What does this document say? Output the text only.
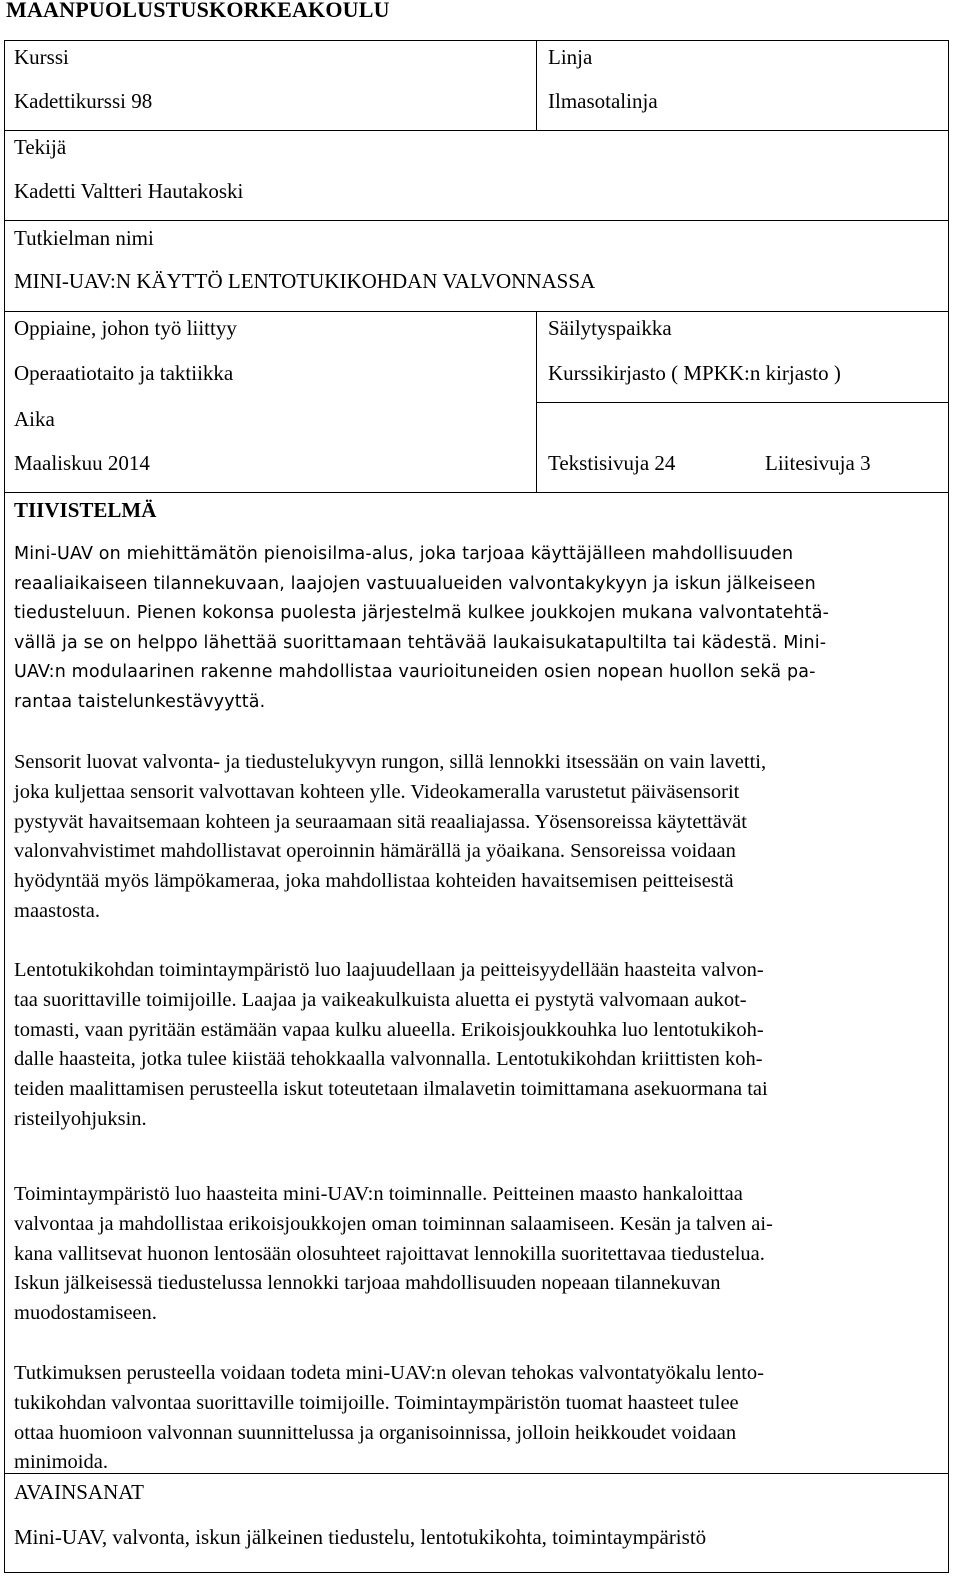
MAANPUOLUSTUSKORKEAKOULU
Kurssi
Kadettikurssi 98
Linja
Ilmasotalinja
Tekijä
Kadetti Valtteri Hautakoski
Tutkielman nimi
MINI-UAV:N KÄYTTÖ LENTOTUKIKOHDAN VALVONNASSA
Oppiaine, johon työ liittyy
Operaatiotaito ja taktiikka
Säilytyspaikka
Kurssikirjasto ( MPKK:n kirjasto )
Aika
Maaliskuu 2014	Tekstisivuja 24	Liitesivuja 3
TIIVISTELMÄ
Mini-UAV on miehittämätön pienoisilma-alus, joka tarjoaa käyttäjälleen mahdollisuuden
reaaliaikaiseen tilannekuvaan, laajojen vastuualueiden valvontakykyyn ja iskun jälkeiseen
tiedusteluun. Pienen kokonsa puolesta järjestelmä kulkee joukkojen mukana valvontatehtä-
vällä ja se on helppo lähettää suorittamaan tehtävää laukaisukatapultilta tai kädestä. Mini-
UAV:n modulaarinen rakenne mahdollistaa vaurioituneiden osien nopean huollon sekä pa-
rantaa taistelunkestävyyttä.
Sensorit luovat valvonta- ja tiedustelukyvyn rungon, sillä lennokki itsessään on vain lavetti,
joka kuljettaa sensorit valvottavan kohteen ylle. Videokameralla varustetut päiväsensorit
pystyvät havaitsemaan kohteen ja seuraamaan sitä reaaliajassa. Yösensoreissa käytettävät
valonvahvistimet mahdollistavat operoinnin hämärällä ja yöaikana. Sensoreissa voidaan
hyödyntää myös lämpökameraa, joka mahdollistaa kohteiden havaitsemisen peitteisestä
maastosta.
Lentotukikohdan toimintaympäristö luo laajuudellaan ja peitteisyydellään haasteita valvon-
taa suorittaville toimijoille. Laajaa ja vaikeakulkuista aluetta ei pystytä valvomaan aukot-
tomasti, vaan pyritään estämään vapaa kulku alueella. Erikoisjoukkouhka luo lentotukikoh-
dalle haasteita, jotka tulee kiistää tehokkaalla valvonnalla. Lentotukikohdan kriittisten koh-
teiden maalittamisen perusteella iskut toteutetaan ilmalavetin toimittamana asekuormana tai
risteilyohjuksin.
Toimintaympäristö luo haasteita mini-UAV:n toiminnalle. Peitteinen maasto hankaloittaa
valvontaa ja mahdollistaa erikoisjoukkojen oman toiminnan salaamiseen. Kesän ja talven ai-
kana vallitsevat huonon lentosään olosuhteet rajoittavat lennokilla suoritettavaa tiedustelua.
Iskun jälkeisessä tiedustelussa lennokki tarjoaa mahdollisuuden nopeaan tilannekuvan
muodostamiseen.
Tutkimuksen perusteella voidaan todeta mini-UAV:n olevan tehokas valvontatyökalu lento-
tukikohdan valvontaa suorittaville toimijoille. Toimintaympäristön tuomat haasteet tulee
ottaa huomioon valvonnan suunnittelussa ja organisoinnissa, jolloin heikkoudet voidaan
minimoida.
AVAINSANAT
Mini-UAV, valvonta, iskun jälkeinen tiedustelu, lentotukikohta, toimintaympäristö
